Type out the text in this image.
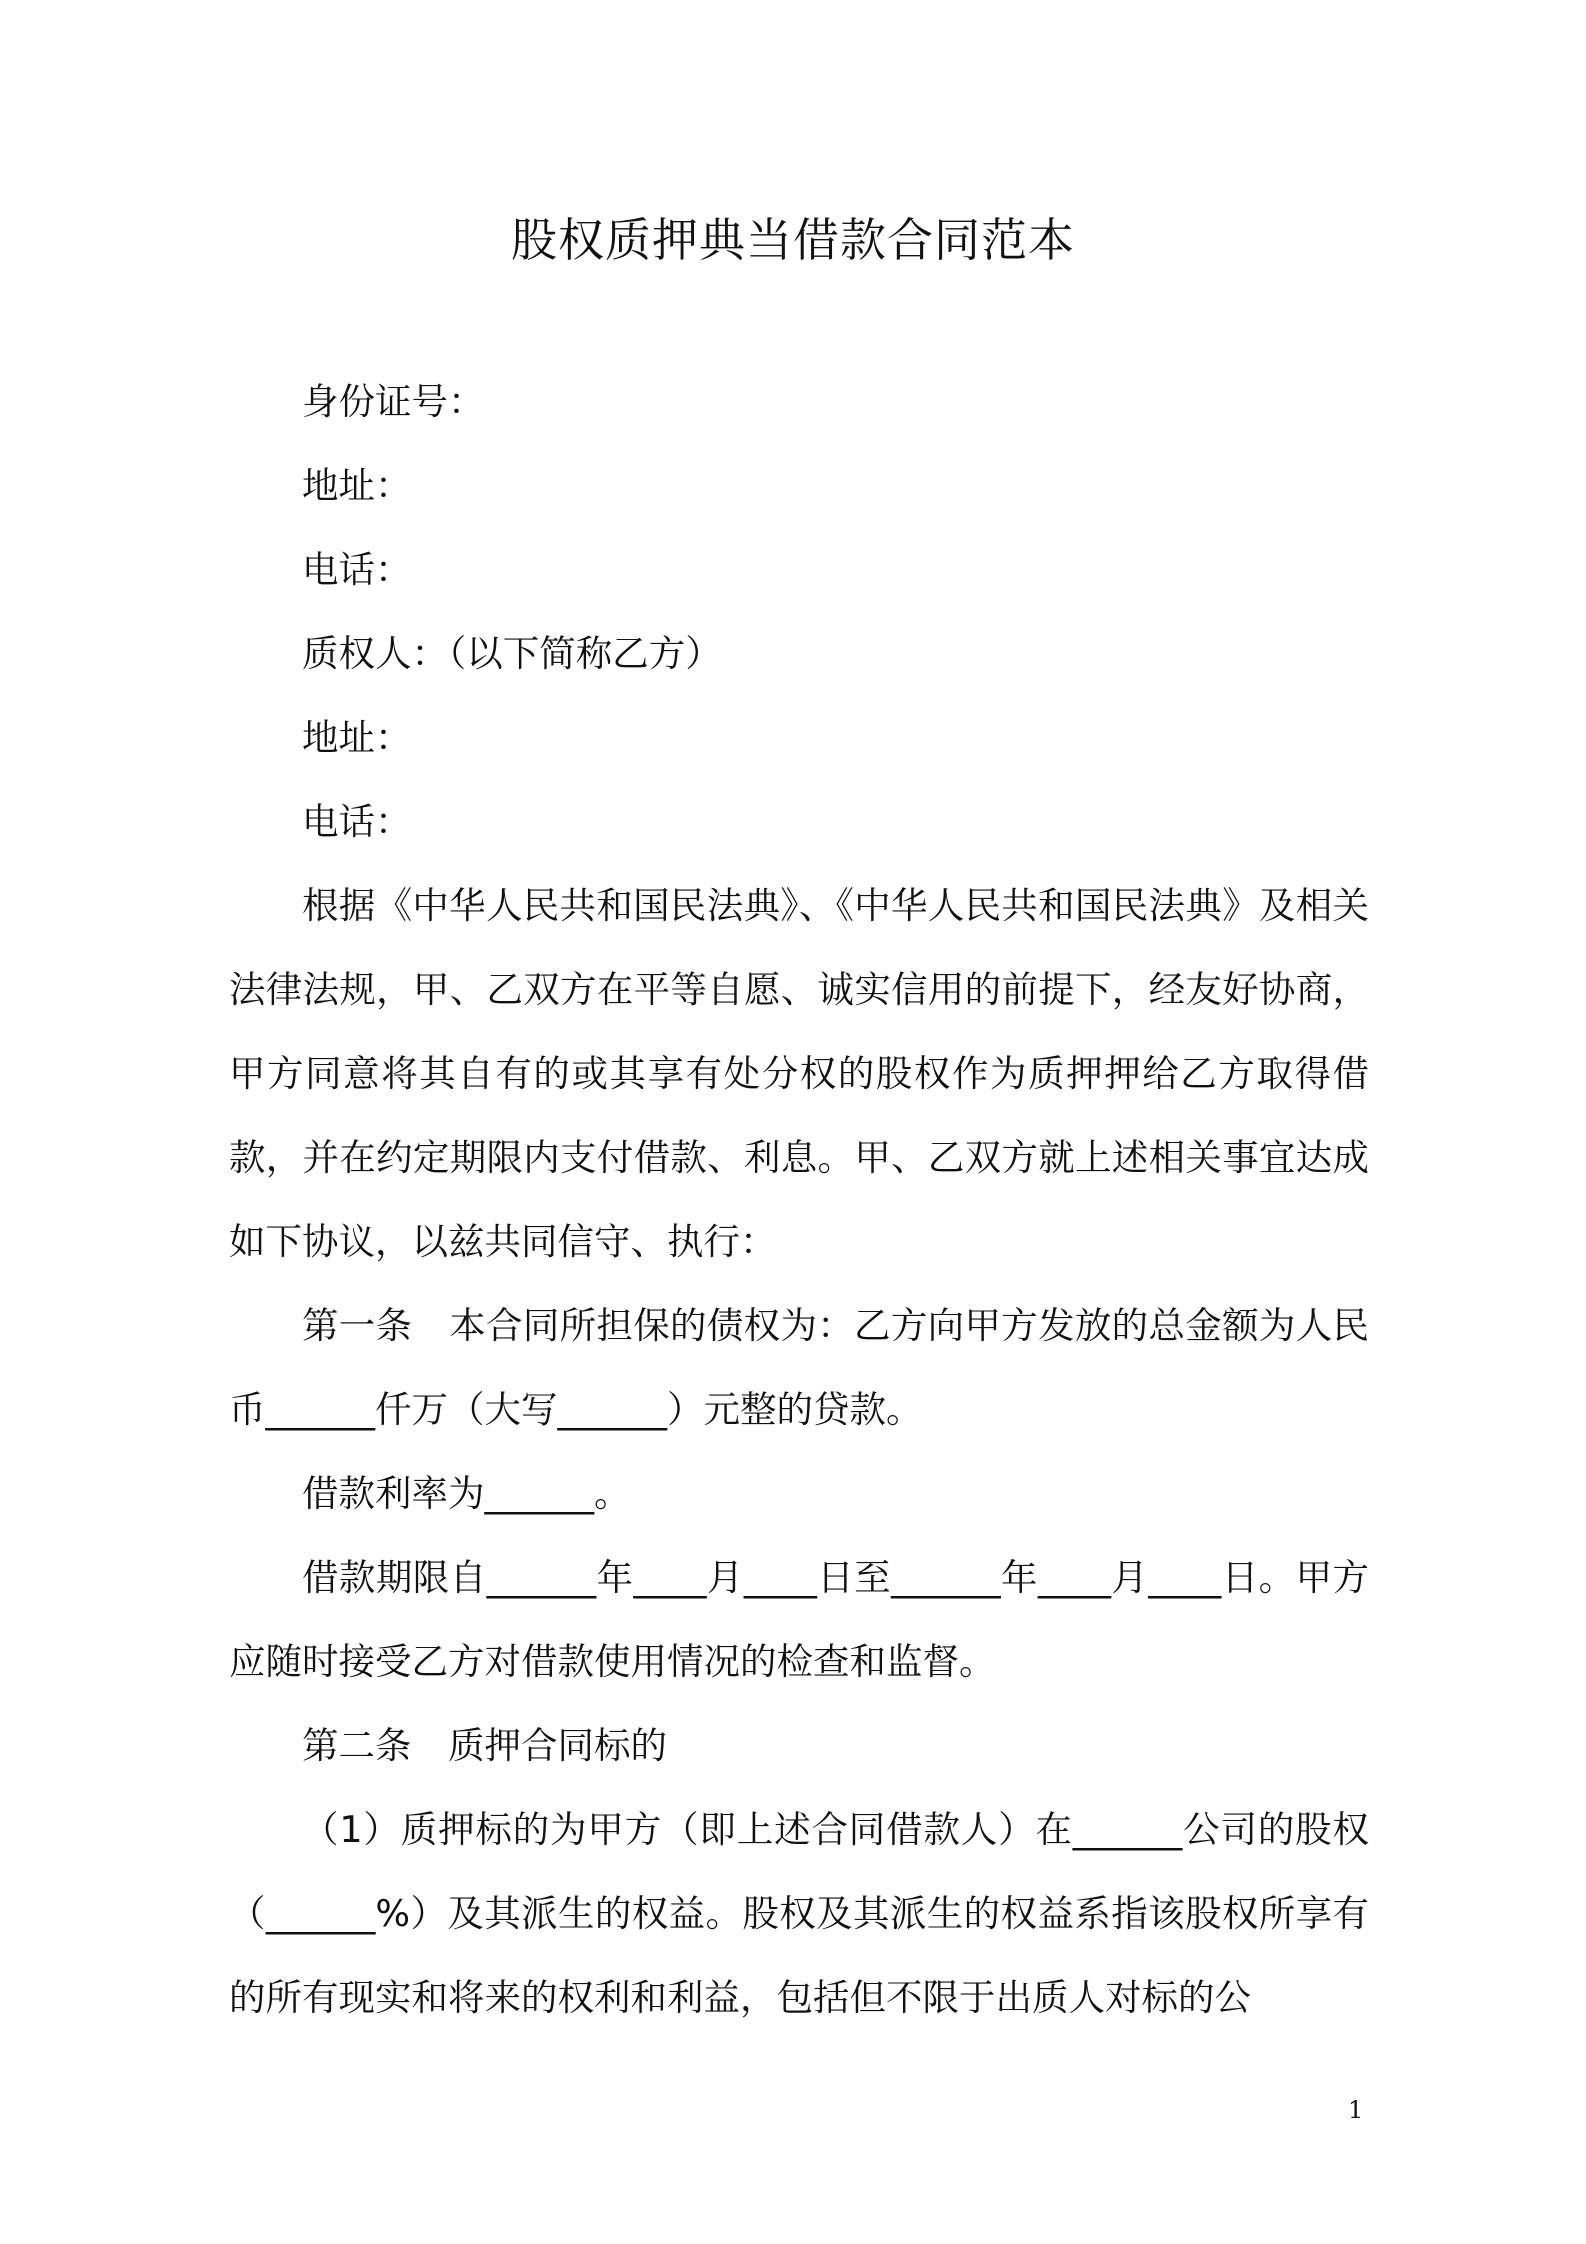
股权质押典当借款合同范本
身份证号：
地址：
电话：
质权人：（以下简称乙方）
地址：
电话：
根据《中华人民共和国民法典》、《中华人民共和国民法典》及相关法律法规，甲、乙双方在平等自愿、诚实信用的前提下，经友好协商，甲方同意将其自有的或其享有处分权的股权作为质押押给乙方取得借款，并在约定期限内支付借款、利息。甲、乙双方就上述相关事宜达成如下协议，以兹共同信守、执行：
第一条　本合同所担保的债权为：乙方向甲方发放的总金额为人民币______仟万（大写______）元整的贷款。
借款利率为______。
借款期限自______年____月____日至______年____月____日。甲方应随时接受乙方对借款使用情况的检查和监督。
第二条　质押合同标的
（1）质押标的为甲方（即上述合同借款人）在______公司的股权（______%）及其派生的权益。股权及其派生的权益系指该股权所享有的所有现实和将来的权利和利益，包括但不限于出质人对标的公
1
